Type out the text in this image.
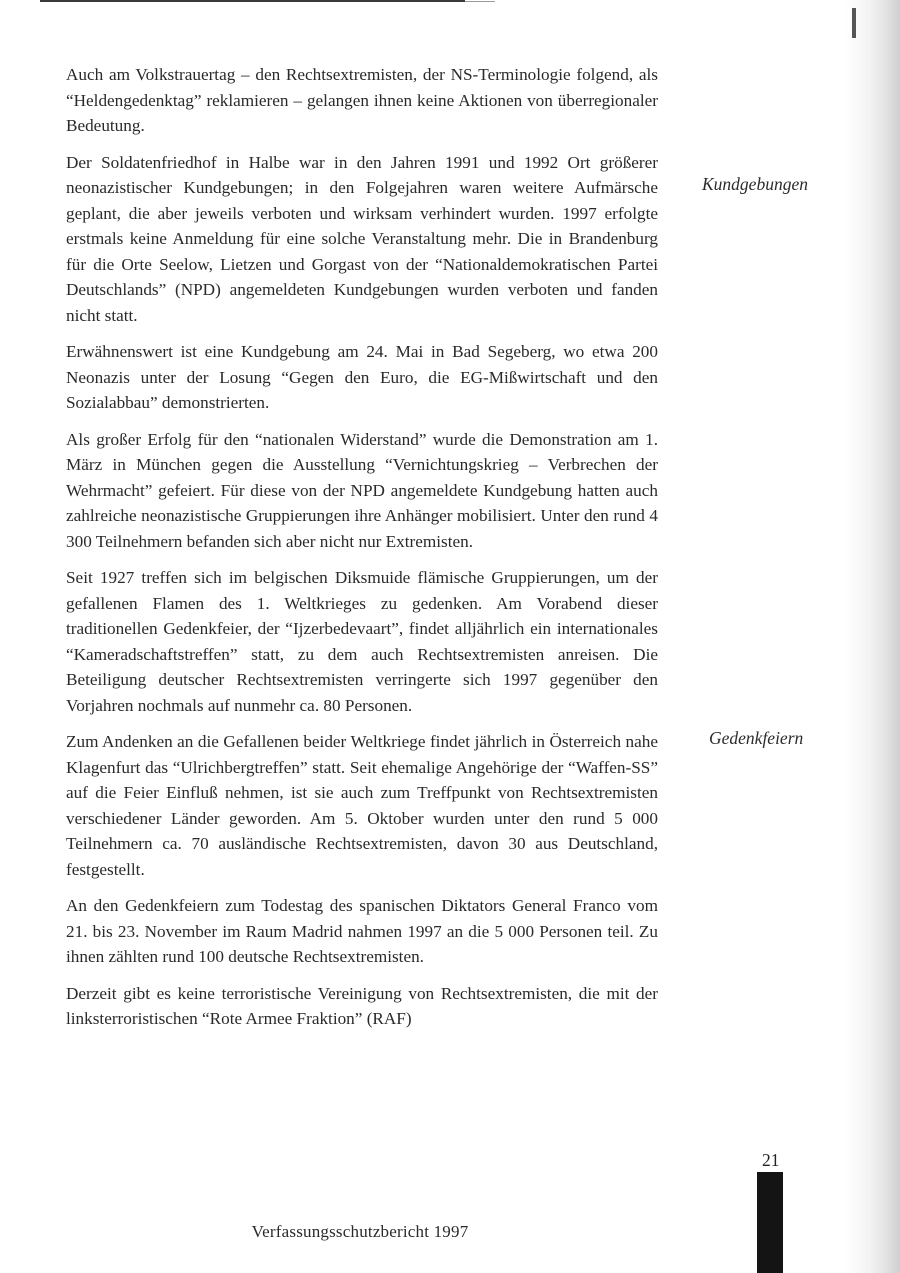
Auch am Volkstrauertag – den Rechtsextremisten, der NS-Terminologie folgend, als “Heldengedenktag” reklamieren – gelangen ihnen keine Aktionen von überregionaler Bedeutung.

Der Soldatenfriedhof in Halbe war in den Jahren 1991 und 1992 Ort größerer neonazistischer Kundgebungen; in den Folgejahren waren weitere Aufmärsche geplant, die aber jeweils verboten und wirksam verhindert wurden. 1997 erfolgte erstmals keine Anmeldung für eine solche Veranstaltung mehr. Die in Brandenburg für die Orte Seelow, Lietzen und Gorgast von der “Nationaldemokratischen Partei Deutschlands” (NPD) angemeldeten Kundgebungen wurden verboten und fanden nicht statt.

Erwähnenswert ist eine Kundgebung am 24. Mai in Bad Segeberg, wo etwa 200 Neonazis unter der Losung “Gegen den Euro, die EG-Mißwirtschaft und den Sozialabbau” demonstrierten.

Als großer Erfolg für den “nationalen Widerstand” wurde die Demonstration am 1. März in München gegen die Ausstellung “Vernichtungskrieg – Verbrechen der Wehrmacht” gefeiert. Für diese von der NPD angemeldete Kundgebung hatten auch zahlreiche neonazistische Gruppierungen ihre Anhänger mobilisiert. Unter den rund 4 300 Teilnehmern befanden sich aber nicht nur Extremisten.

Seit 1927 treffen sich im belgischen Diksmuide flämische Gruppierungen, um der gefallenen Flamen des 1. Weltkrieges zu gedenken. Am Vorabend dieser traditionellen Gedenkfeier, der “Ijzerbedevaart”, findet alljährlich ein internationales “Kameradschaftstreffen” statt, zu dem auch Rechtsextremisten anreisen. Die Beteiligung deutscher Rechtsextremisten verringerte sich 1997 gegenüber den Vorjahren nochmals auf nunmehr ca. 80 Personen.

Zum Andenken an die Gefallenen beider Weltkriege findet jährlich in Österreich nahe Klagenfurt das “Ulrichbergtreffen” statt. Seit ehemalige Angehörige der “Waffen-SS” auf die Feier Einfluß nehmen, ist sie auch zum Treffpunkt von Rechtsextremisten verschiedener Länder geworden. Am 5. Oktober wurden unter den rund 5 000 Teilnehmern ca. 70 ausländische Rechtsextremisten, davon 30 aus Deutschland, festgestellt.

An den Gedenkfeiern zum Todestag des spanischen Diktators General Franco vom 21. bis 23. November im Raum Madrid nahmen 1997 an die 5 000 Personen teil. Zu ihnen zählten rund 100 deutsche Rechtsextremisten.

Derzeit gibt es keine terroristische Vereinigung von Rechtsextremisten, die mit der linksterroristischen “Rote Armee Fraktion” (RAF)

Kundgebungen
Gedenkfeiern
21
Verfassungsschutzbericht 1997
